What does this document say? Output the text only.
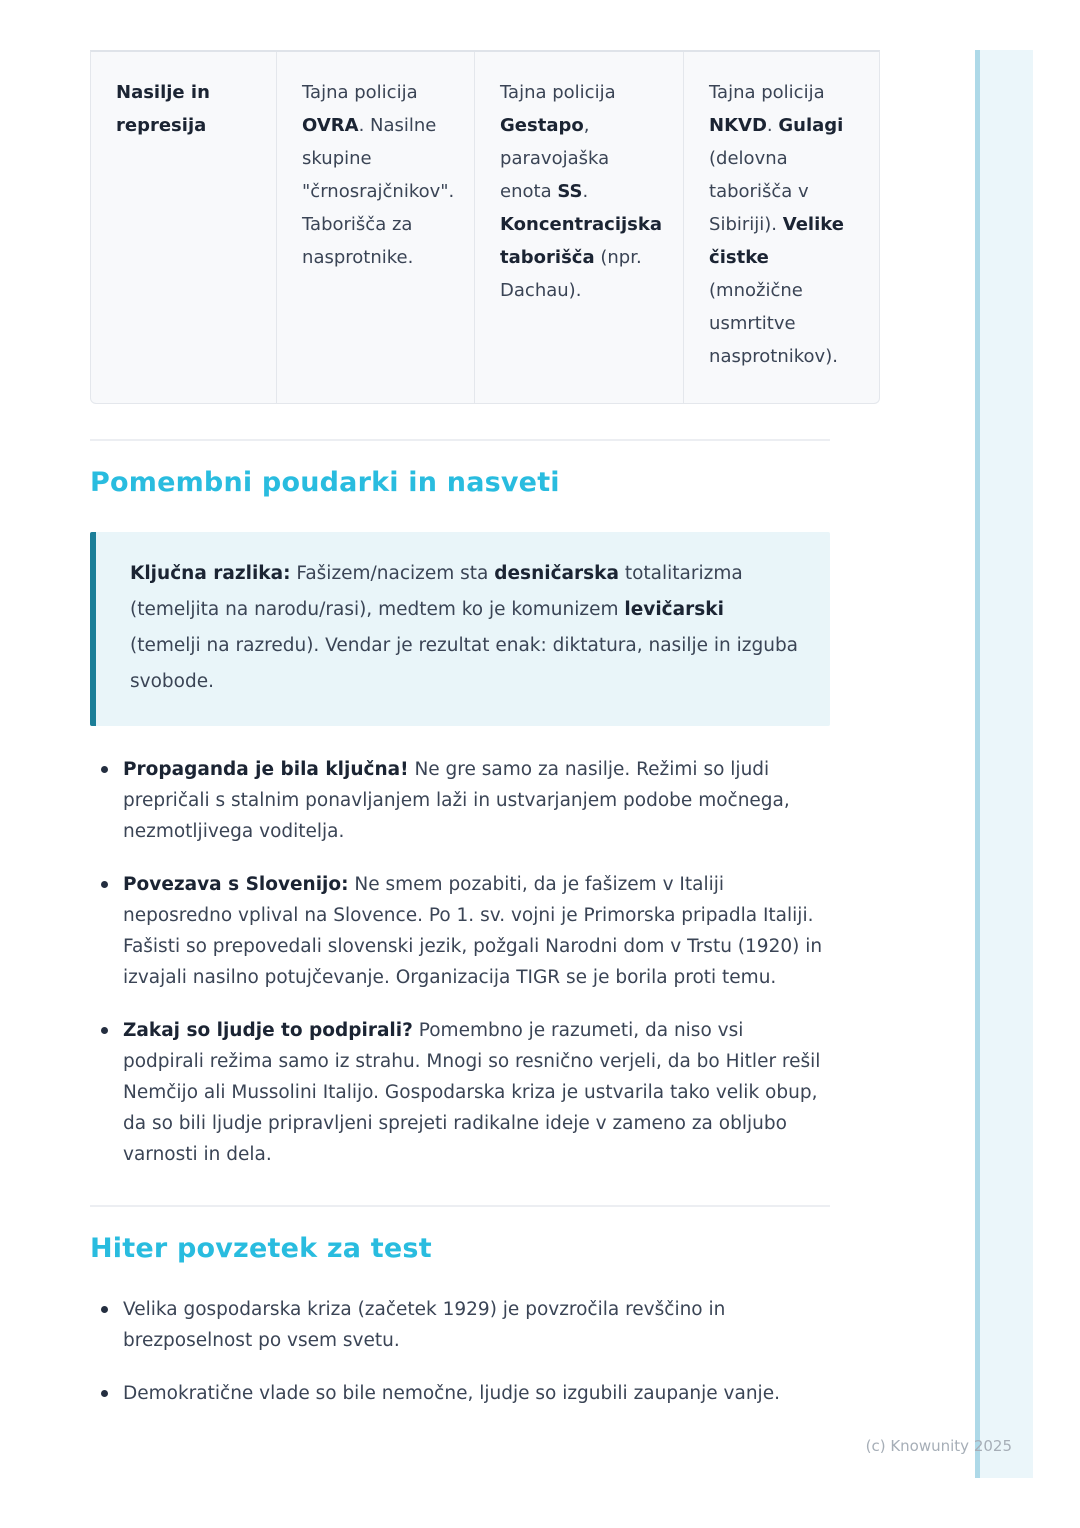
Nasilje in represija
Tajna policija OVRA. Nasilne skupine "črnosrajčnikov". Taborišča za nasprotnike.
Tajna policija Gestapo, paravojaška enota SS. Koncentracijska taborišča (npr. Dachau).
Tajna policija NKVD. Gulagi (delovna taborišča v Sibiriji). Velike čistke (množične usmrtitve nasprotnikov).
Pomembni poudarki in nasveti

Ključna razlika: Fašizem/nacizem sta desničarska totalitarizma (temeljita na narodu/rasi), medtem ko je komunizem levičarski (temelji na razredu). Vendar je rezultat enak: diktatura, nasilje in izguba svobode.

Propaganda je bila ključna! Ne gre samo za nasilje. Režimi so ljudi prepričali s stalnim ponavljanjem laži in ustvarjanjem podobe močnega, nezmotljivega voditelja.
Povezava s Slovenijo: Ne smem pozabiti, da je fašizem v Italiji neposredno vplival na Slovence. Po 1. sv. vojni je Primorska pripadla Italiji. Fašisti so prepovedali slovenski jezik, požgali Narodni dom v Trstu (1920) in izvajali nasilno potujčevanje. Organizacija TIGR se je borila proti temu.
Zakaj so ljudje to podpirali? Pomembno je razumeti, da niso vsi podpirali režima samo iz strahu. Mnogi so resnično verjeli, da bo Hitler rešil Nemčijo ali Mussolini Italijo. Gospodarska kriza je ustvarila tako velik obup, da so bili ljudje pripravljeni sprejeti radikalne ideje v zameno za obljubo varnosti in dela.
Hiter povzetek za test
Velika gospodarska kriza (začetek 1929) je povzročila revščino in brezposelnost po vsem svetu.
Demokratične vlade so bile nemočne, ljudje so izgubili zaupanje vanje.
(c) Knowunity 2025
